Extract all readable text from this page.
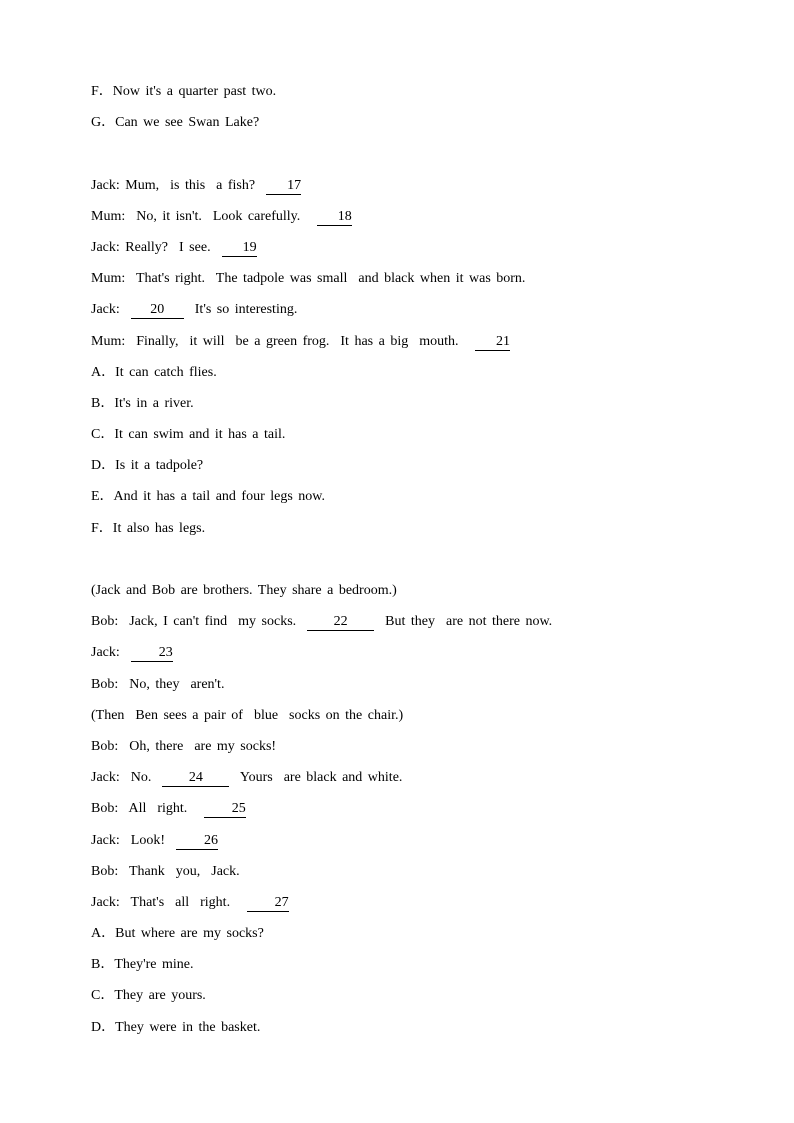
F．Now it's a quarter past two.
G．Can we see Swan Lake?
Jack: Mum,  is this  a fish?  17
Mum:  No, it isn't.  Look carefully.   18
Jack: Really?  I see.  19
Mum:  That's right.  The tadpole was small  and black when it was born.
Jack:  20  It's so interesting.
Mum:  Finally,  it will  be a green frog.  It has a big  mouth.   21
A．It can catch flies.
B．It's in a river.
C．It can swim and it has a tail.
D．Is it a tadpole?
E．And it has a tail and four legs now.
F．It also has legs.
(Jack and Bob are brothers. They share a bedroom.)
Bob:  Jack, I can't find  my socks.  22  But they  are not there now.
Jack:  23
Bob:  No, they  aren't.
(Then  Ben sees a pair of  blue  socks on the chair.)
Bob:  Oh, there  are my socks!
Jack:  No.  24  Yours  are black and white.
Bob:  All  right.   25
Jack:  Look!  26
Bob:  Thank  you,  Jack.
Jack:  That's  all  right.   27
A．But where are my socks?
B．They're mine.
C．They are yours.
D．They were in the basket.
